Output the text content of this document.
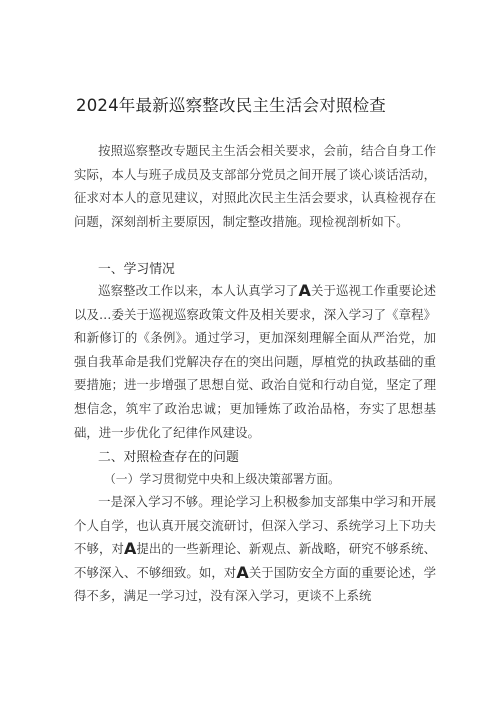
2024年最新巡察整改民主生活会对照检查
按照巡察整改专题民主生活会相关要求，会前，结合自身工作实际，本人与班子成员及支部部分党员之间开展了谈心谈话活动，征求对本人的意见建议，对照此次民主生活会要求，认真检视存在问题，深刻剖析主要原因，制定整改措施。现检视剖析如下。
一、学习情况
巡察整改工作以来，本人认真学习了A关于巡视工作重要论述以及…委关于巡视巡察政策文件及相关要求，深入学习了《章程》和新修订的《条例》。通过学习，更加深刻理解全面从严治党，加强自我革命是我们党解决存在的突出问题，厚植党的执政基础的重要措施；进一步增强了思想自觉、政治自觉和行动自觉，坚定了理想信念，筑牢了政治忠诚；更加锤炼了政治品格，夯实了思想基础，进一步优化了纪律作风建设。
二、对照检查存在的问题
（一）学习贯彻党中央和上级决策部署方面。
一是深入学习不够。理论学习上积极参加支部集中学习和开展个人自学，也认真开展交流研讨，但深入学习、系统学习上下功夫不够，对A提出的一些新理论、新观点、新战略，研究不够系统、不够深入、不够细致。如，对A关于国防安全方面的重要论述，学得不多，满足一学习过，没有深入学习，更谈不上系统
